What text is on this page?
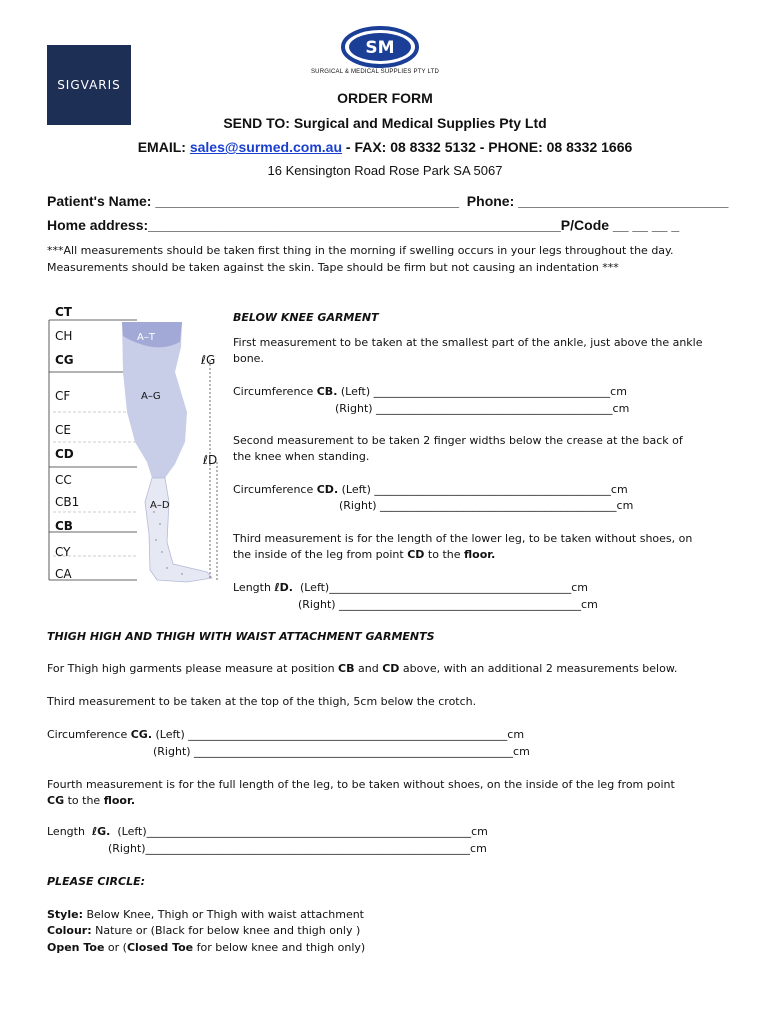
SIGVARIS
SM
SURGICAL & MEDICAL SUPPLIES PTY LTD
ORDER FORM
SEND TO: Surgical and Medical Supplies Pty Ltd
EMAIL: sales@surmed.com.au - FAX: 08 8332 5132 - PHONE: 08 8332 1666
16 Kensington Road Rose Park SA 5067
Patient's Name: _______________________________________  Phone: ___________________________
Home address:_____________________________________________________P/Code __ __ __ _
***All measurements should be taken first thing in the morning if swelling occurs in your legs throughout the day.
Measurements should be taken against the skin. Tape should be firm but not causing an indentation ***
CT
CH
CG
CF
CE
CD
CC
CB1
CB
CY
CA
A–T
A–G
A–D
ℓG
ℓD
BELOW KNEE GARMENT
First measurement to be taken at the smallest part of the ankle, just above the ankle
bone.
Circumference CB. (Left) ___________________________________________cm
(Right) ___________________________________________cm
Second measurement to be taken 2 finger widths below the crease at the back of
the knee when standing.
Circumference CD. (Left) ___________________________________________cm
(Right) ___________________________________________cm
Third measurement is for the length of the lower leg, to be taken without shoes, on
the inside of the leg from point CD to the floor.
Length ℓD.  (Left)____________________________________________cm
(Right) ____________________________________________cm
THIGH HIGH AND THIGH WITH WAIST ATTACHMENT GARMENTS
For Thigh high garments please measure at position CB and CD above, with an additional 2 measurements below.
Third measurement to be taken at the top of the thigh, 5cm below the crotch.
Circumference CG. (Left) __________________________________________________________cm
(Right) __________________________________________________________cm
Fourth measurement is for the full length of the leg, to be taken without shoes, on the inside of the leg from point
CG to the floor.
Length  ℓG.  (Left)___________________________________________________________cm
(Right)___________________________________________________________cm
PLEASE CIRCLE:
Style: Below Knee, Thigh or Thigh with waist attachment
Colour: Nature or (Black for below knee and thigh only )
Open Toe or (Closed Toe for below knee and thigh only)
